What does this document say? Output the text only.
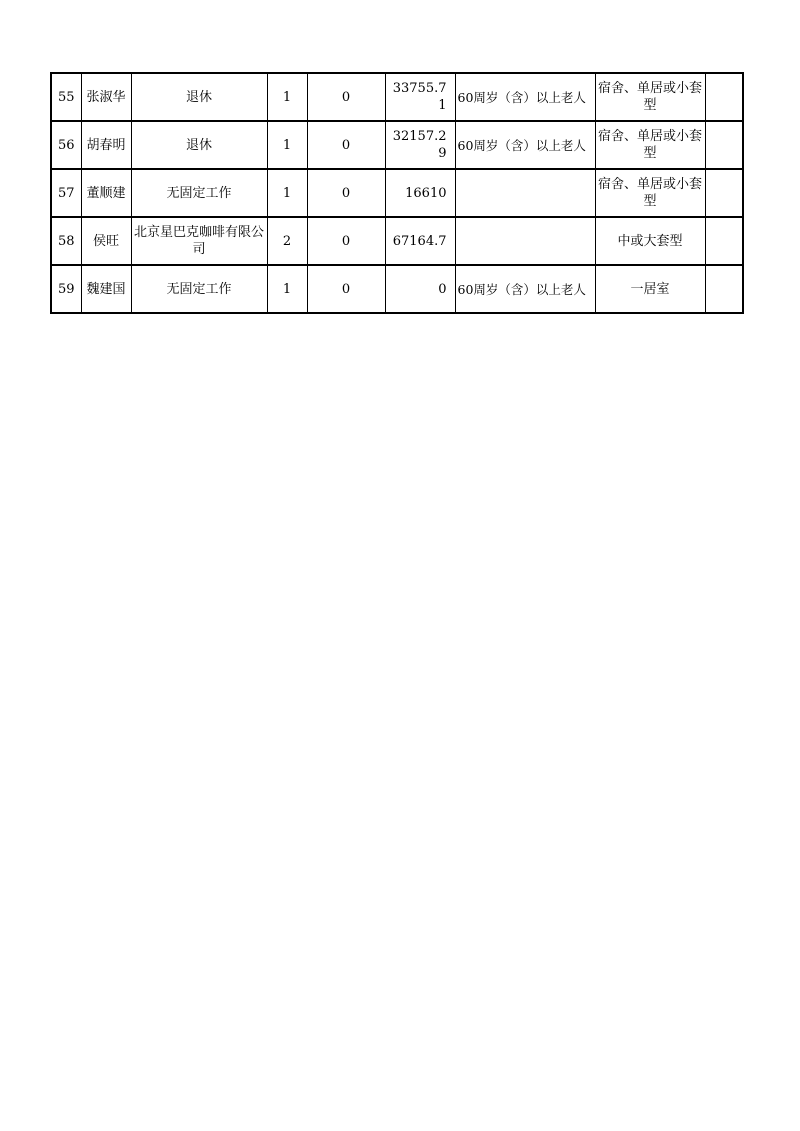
55	张淑华	退休	1	0	33755.71	60周岁（含）以上老人	宿舍、单居或小套型	
56	胡春明	退休	1	0	32157.29	60周岁（含）以上老人	宿舍、单居或小套型	
57	董顺建	无固定工作	1	0	16610		宿舍、单居或小套型	
58	侯旺	北京星巴克咖啡有限公司	2	0	67164.7		中或大套型	
59	魏建国	无固定工作	1	0	0	60周岁（含）以上老人	一居室	
